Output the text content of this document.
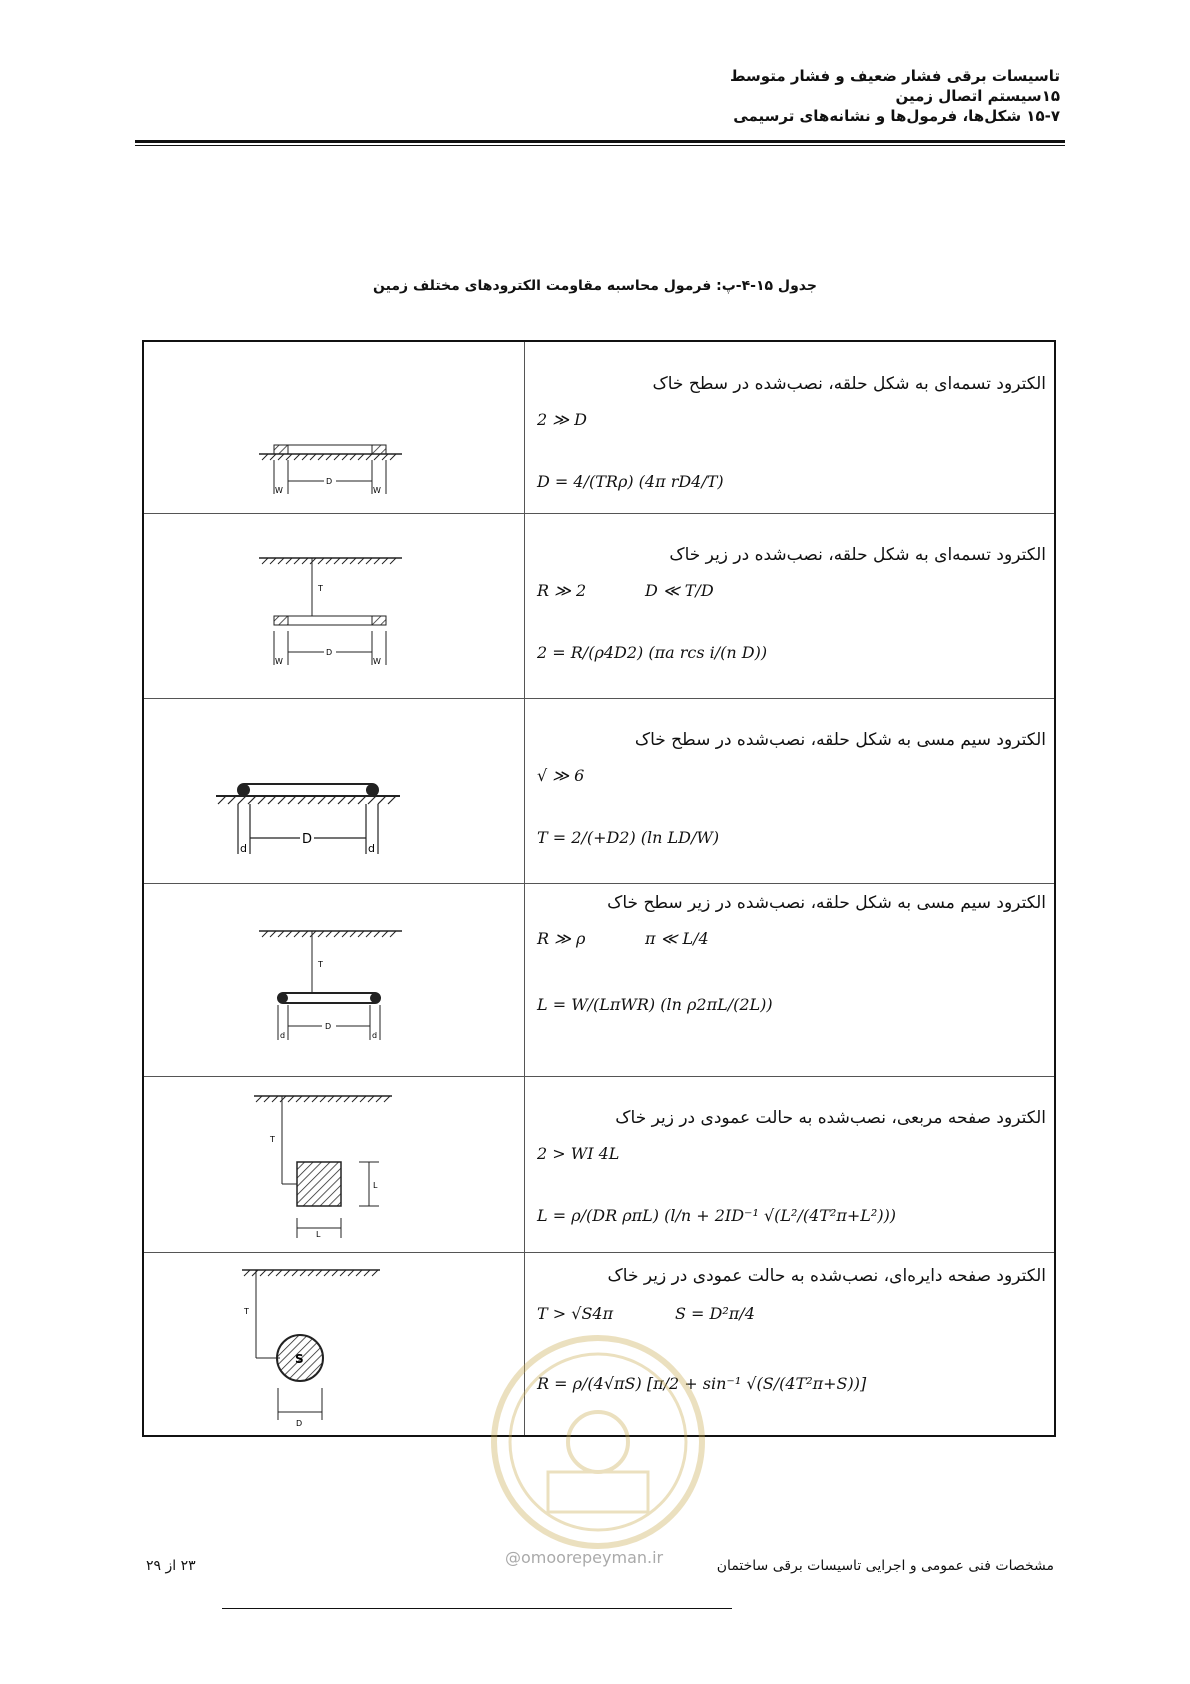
تاسیسات برقی فشار ضعیف و فشار متوسط
۱۵سیستم اتصال زمین
۱۵-۷ شکل‌ها، فرمول‌ها و نشانه‌های ترسیمی
جدول ۱۵-۴-پ: فرمول محاسبه مقاومت الکترودهای مختلف زمین
W	W
D
الکترود تسمه‌ای به شکل حلقه، نصب‌شده در سطح خاک
2 ≫ D
D = 4/(TRρ) (4π rD4/T)
T
W	W
D
الکترود تسمه‌ای به شکل حلقه، نصب‌شده در زیر خاک
R ≫ 2	D ≪ T/D
2 = R/(ρ4D2) (πa rcs i/(n D))
d	d
D
الکترود سیم مسی به شکل حلقه، نصب‌شده در سطح خاک
√ ≫ 6
T = 2/(+D2) (ln LD/W)
T
d	d
D
الکترود سیم مسی به شکل حلقه، نصب‌شده در زیر سطح خاک
R ≫ ρ	π ≪ L/4
L = W/(LπWR) (ln ρ2πL/(2L))
T
L
L
الکترود صفحه مربعی، نصب‌شده به حالت عمودی در زیر خاک
2 > WI 4L
L = ρ/(DR ρπL) (l/n + 2ID⁻¹ √(L²/(4T²π+L²)))
S
T
D
الکترود صفحه دایره‌ای، نصب‌شده به حالت عمودی در زیر خاک
T > √S4π	S = D²π/4
R = ρ/(4√πS) [π/2 + sin⁻¹ √(S/(4T²π+S))]
@omoorepeyman.ir
۲۳ از ۲۹	مشخصات فنی عمومی و اجرایی تاسیسات برقی ساختمان
